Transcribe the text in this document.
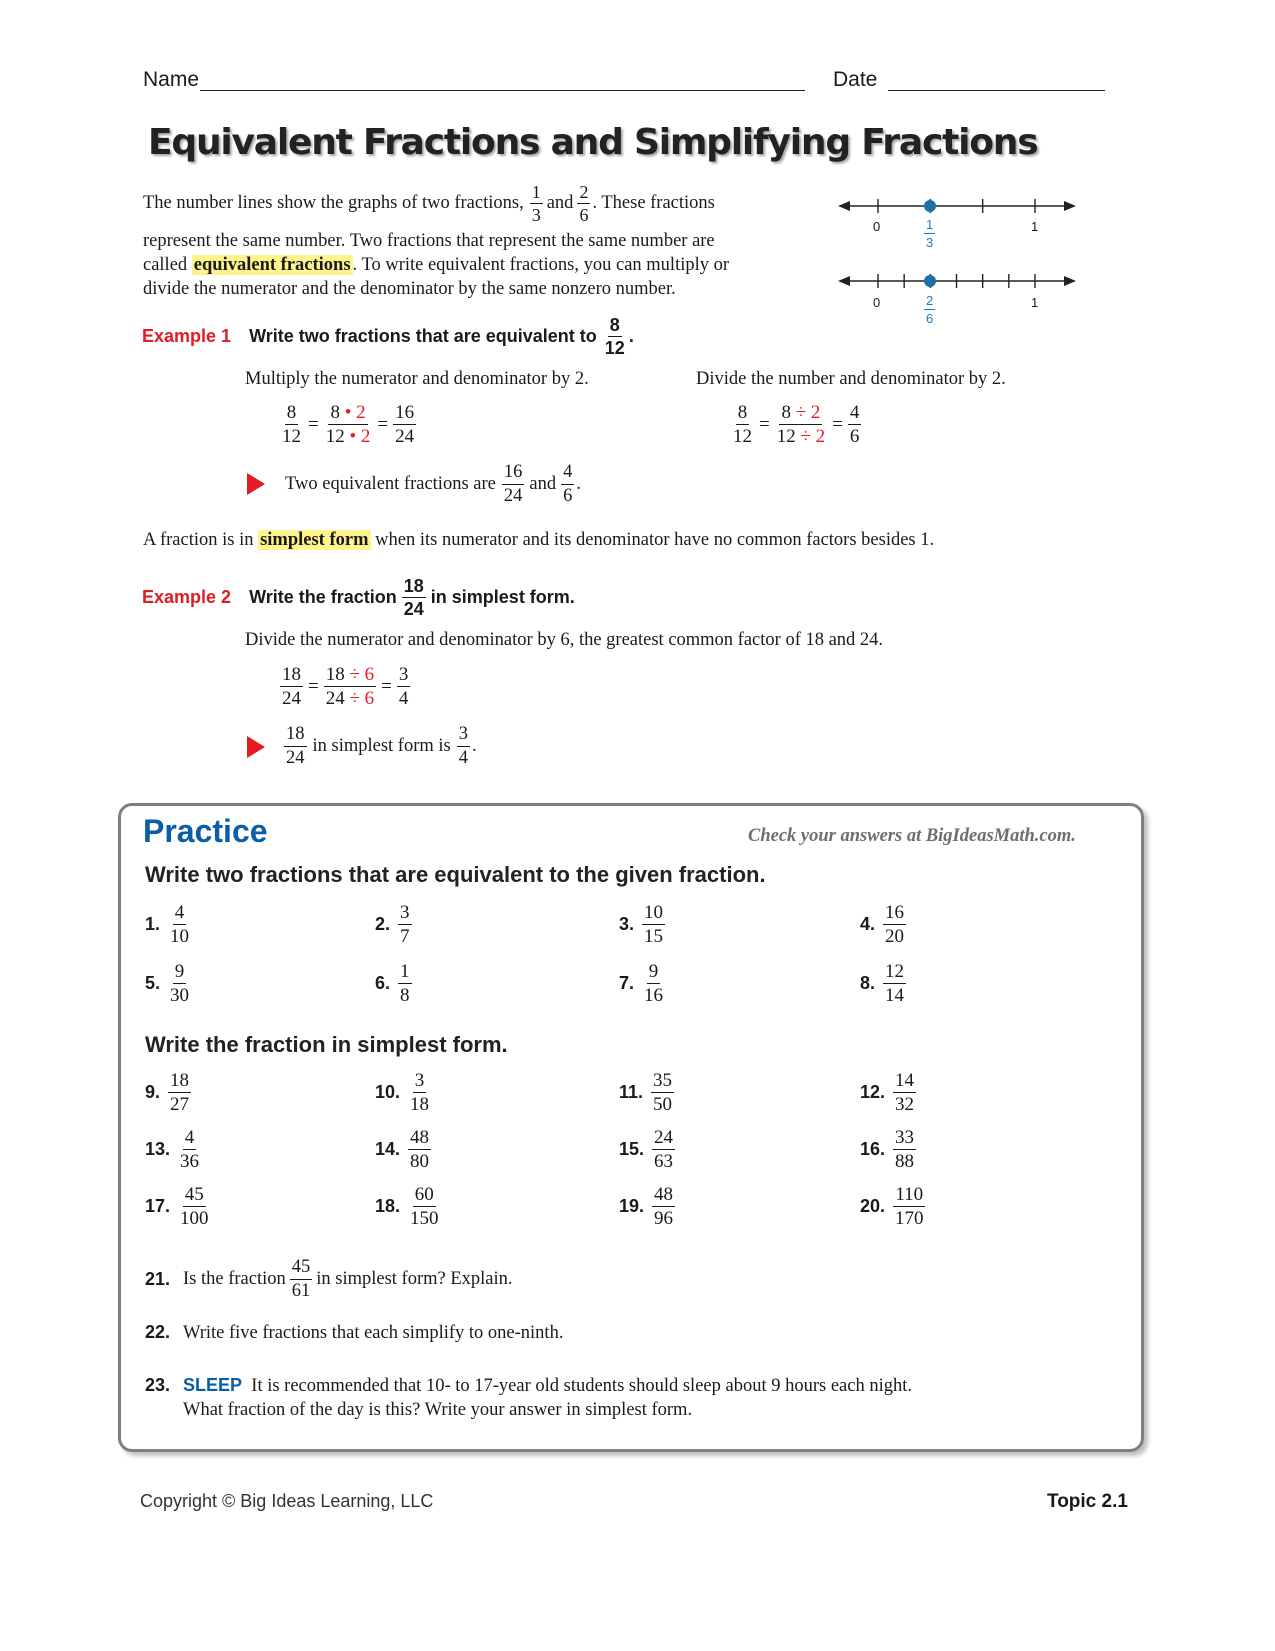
Name	Date
Equivalent Fractions and Simplifying Fractions
The number lines show the graphs of two fractions, $\frac{1}{3}$ and $\frac{2}{6}$ . These fractions
represent the same number. Two fractions that represent the same number are
called equivalent fractions . To write equivalent fractions, you can multiply or
divide the numerator and the denominator by the same nonzero number.
0	1
$\frac{1}{3}$
0	1
$\frac{2}{6}$
Example 1 Write two fractions that are equivalent to $\frac{8}{12}$ .
Multiply the numerator and denominator by 2.
$\frac{8}{12} = \frac{8 • 2}{12 • 2} = \frac{16}{24}$
Divide the number and denominator by 2.
$\frac{8}{12} = \frac{8 \div 2}{12 \div 2} = \frac{4}{6}$
Two equivalent fractions are $\frac{16}{24}$ and $\frac{4}{6}$ .
A fraction is in simplest form when its numerator and its denominator have no common factors besides 1.
Example 2 Write the fraction $\frac{18}{24}$ in simplest form.
Divide the numerator and denominator by 6, the greatest common factor of 18 and 24.
$\frac{18}{24} = \frac{18 \div 6}{24 \div 6} = \frac{3}{4}$
$\frac{18}{24}$ in simplest form is $\frac{3}{4}$ .
Practice	Check your answers at BigIdeasMath.com.
Write two fractions that are equivalent to the given fraction.
1. $\frac{4}{10}$	2. $\frac{3}{7}$	3. $\frac{10}{15}$	4. $\frac{16}{20}$
5. $\frac{9}{30}$	6. $\frac{1}{8}$	7. $\frac{9}{16}$	8. $\frac{12}{14}$
Write the fraction in simplest form.
9. $\frac{18}{27}$	10. $\frac{3}{18}$	11. $\frac{35}{50}$	12. $\frac{14}{32}$
13. $\frac{4}{36}$	14. $\frac{48}{80}$	15. $\frac{24}{63}$	16. $\frac{33}{88}$
17. $\frac{45}{100}$	18. $\frac{60}{150}$	19. $\frac{48}{96}$	20. $\frac{110}{170}$
21. Is the fraction $\frac{45}{61}$ in simplest form? Explain.
22. Write five fractions that each simplify to one-ninth.
23. SLEEP It is recommended that 10- to 17-year old students should sleep about 9 hours each night.
What fraction of the day is this? Write your answer in simplest form.
Copyright © Big Ideas Learning, LLC	Topic 2.1
